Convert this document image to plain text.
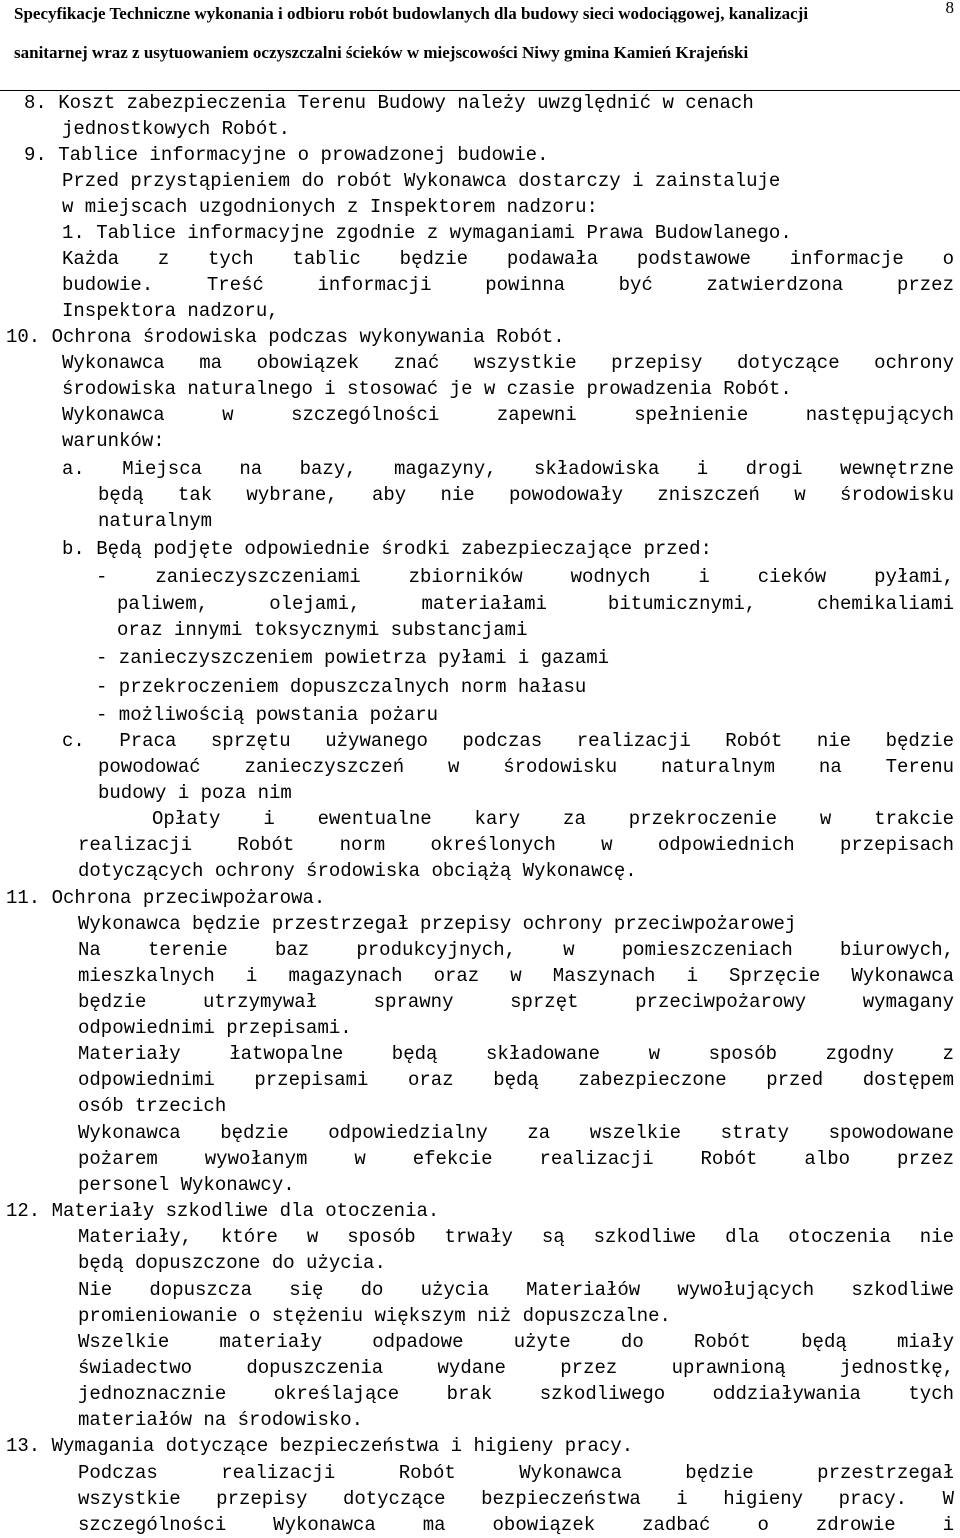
Specyfikacje Techniczne wykonania i odbioru robót budowlanych dla budowy sieci wodociągowej, kanalizacji
sanitarnej wraz z usytuowaniem oczyszczalni ścieków w miejscowości Niwy gmina Kamień Krajeński
8
8. Koszt zabezpieczenia Terenu Budowy należy uwzględnić w cenach
jednostkowych Robót.
9. Tablice informacyjne o prowadzonej budowie.
Przed przystąpieniem do robót Wykonawca dostarczy i zainstaluje
w miejscach uzgodnionych z Inspektorem nadzoru:
1. Tablice informacyjne zgodnie z wymaganiami Prawa Budowlanego.
Każda z tych tablic będzie podawała podstawowe informacje o
budowie. Treść informacji powinna być zatwierdzona przez
Inspektora nadzoru,
10. Ochrona środowiska podczas wykonywania Robót.
Wykonawca ma obowiązek znać wszystkie przepisy dotyczące ochrony
środowiska naturalnego i stosować je w czasie prowadzenia Robót.
Wykonawca w szczególności zapewni spełnienie następujących
warunków:
a. Miejsca na bazy, magazyny, składowiska i drogi wewnętrzne
będą tak wybrane, aby nie powodowały zniszczeń w środowisku
naturalnym
b. Będą podjęte odpowiednie środki zabezpieczające przed:
- zanieczyszczeniami zbiorników wodnych i cieków pyłami,
paliwem, olejami, materiałami bitumicznymi, chemikaliami
oraz innymi toksycznymi substancjami
- zanieczyszczeniem powietrza pyłami i gazami
- przekroczeniem dopuszczalnych norm hałasu
- możliwością powstania pożaru
c. Praca sprzętu używanego podczas realizacji Robót nie będzie
powodować zanieczyszczeń w środowisku naturalnym na Terenu
budowy i poza nim
Opłaty i ewentualne kary za przekroczenie w trakcie
realizacji Robót norm określonych w odpowiednich przepisach
dotyczących ochrony środowiska obciążą Wykonawcę.
11. Ochrona przeciwpożarowa.
Wykonawca będzie przestrzegał przepisy ochrony przeciwpożarowej
Na terenie baz produkcyjnych, w pomieszczeniach biurowych,
mieszkalnych i magazynach oraz w Maszynach i Sprzęcie Wykonawca
będzie utrzymywał sprawny sprzęt przeciwpożarowy wymagany
odpowiednimi przepisami.
Materiały łatwopalne będą składowane w sposób zgodny z
odpowiednimi przepisami oraz będą zabezpieczone przed dostępem
osób trzecich
Wykonawca będzie odpowiedzialny za wszelkie straty spowodowane
pożarem wywołanym w efekcie realizacji Robót albo przez
personel Wykonawcy.
12. Materiały szkodliwe dla otoczenia.
Materiały, które w sposób trwały są szkodliwe dla otoczenia nie
będą dopuszczone do użycia.
Nie dopuszcza się do użycia Materiałów wywołujących szkodliwe
promieniowanie o stężeniu większym niż dopuszczalne.
Wszelkie materiały odpadowe użyte do Robót będą miały
świadectwo dopuszczenia wydane przez uprawnioną jednostkę,
jednoznacznie określające brak szkodliwego oddziaływania tych
materiałów na środowisko.
13. Wymagania dotyczące bezpieczeństwa i higieny pracy.
Podczas realizacji Robót Wykonawca będzie przestrzegał
wszystkie przepisy dotyczące bezpieczeństwa i higieny pracy. W
szczególności Wykonawca ma obowiązek zadbać o zdrowie i
